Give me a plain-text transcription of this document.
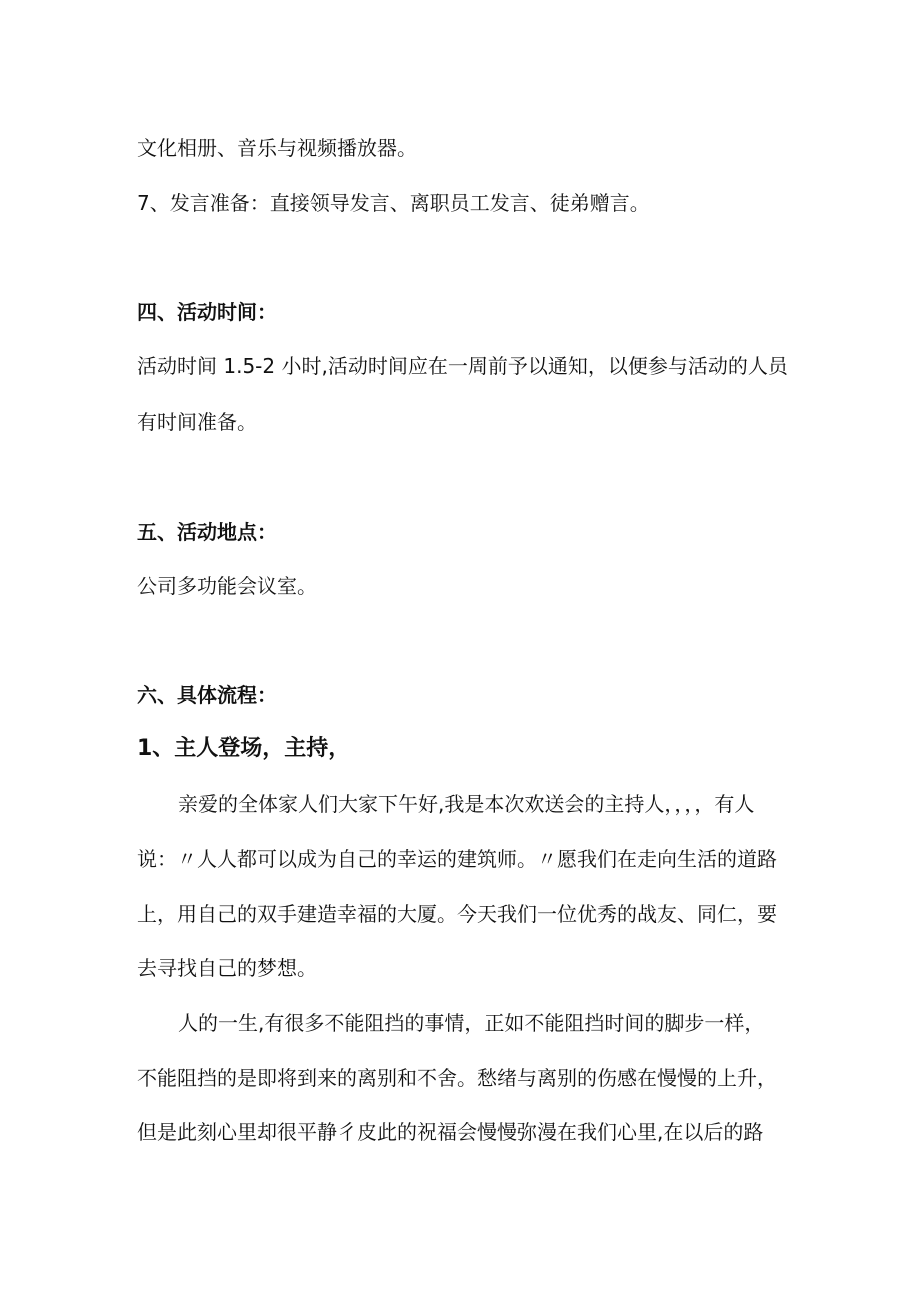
文化相册、音乐与视频播放器。

7、发言准备：直接领导发言、离职员工发言、徒弟赠言。

四、活动时间：

活动时间 1.5-2 小时,活动时间应在一周前予以通知，以便参与活动的人员

有时间准备。

五、活动地点：

公司多功能会议室。

六、具体流程：

1、主人登场，主持，

亲爱的全体家人们大家下午好,我是本次欢送会的主持人，，，，有人

说：〃人人都可以成为自己的幸运的建筑师。〃愿我们在走向生活的道路

上，用自己的双手建造幸福的大厦。今天我们一位优秀的战友、同仁，要

去寻找自己的梦想。

人的一生,有很多不能阻挡的事情，正如不能阻挡时间的脚步一样，

不能阻挡的是即将到来的离别和不舍。愁绪与离别的伤感在慢慢的上升，

但是此刻心里却很平静彳皮此的祝福会慢慢弥漫在我们心里,在以后的路
